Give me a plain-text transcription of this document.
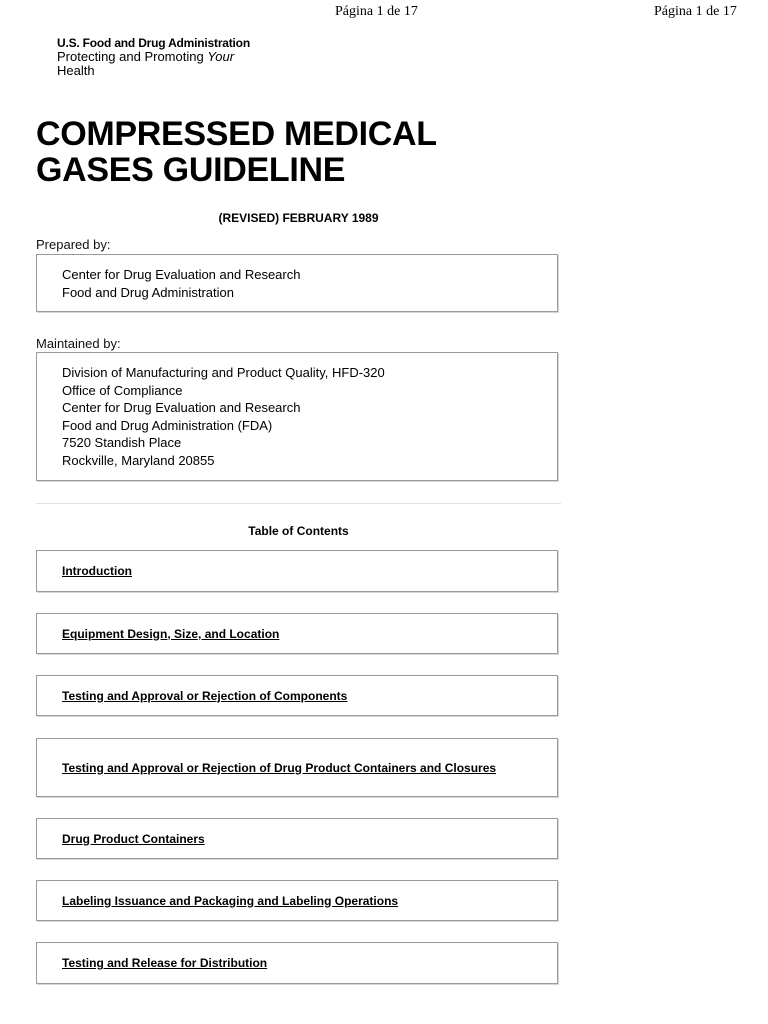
Página 1 de 17	Página 1 de 17
U.S. Food and Drug Administration
Protecting and Promoting Your
Health
COMPRESSED MEDICAL
GASES GUIDELINE
(REVISED) FEBRUARY 1989
Prepared by:
Center for Drug Evaluation and Research
Food and Drug Administration
Maintained by:
Division of Manufacturing and Product Quality, HFD-320
Office of Compliance
Center for Drug Evaluation and Research
Food and Drug Administration (FDA)
7520 Standish Place
Rockville, Maryland 20855
Table of Contents
Introduction
Equipment Design, Size, and Location
Testing and Approval or Rejection of Components
Testing and Approval or Rejection of Drug Product Containers and Closures
Drug Product Containers
Labeling Issuance and Packaging and Labeling Operations
Testing and Release for Distribution
